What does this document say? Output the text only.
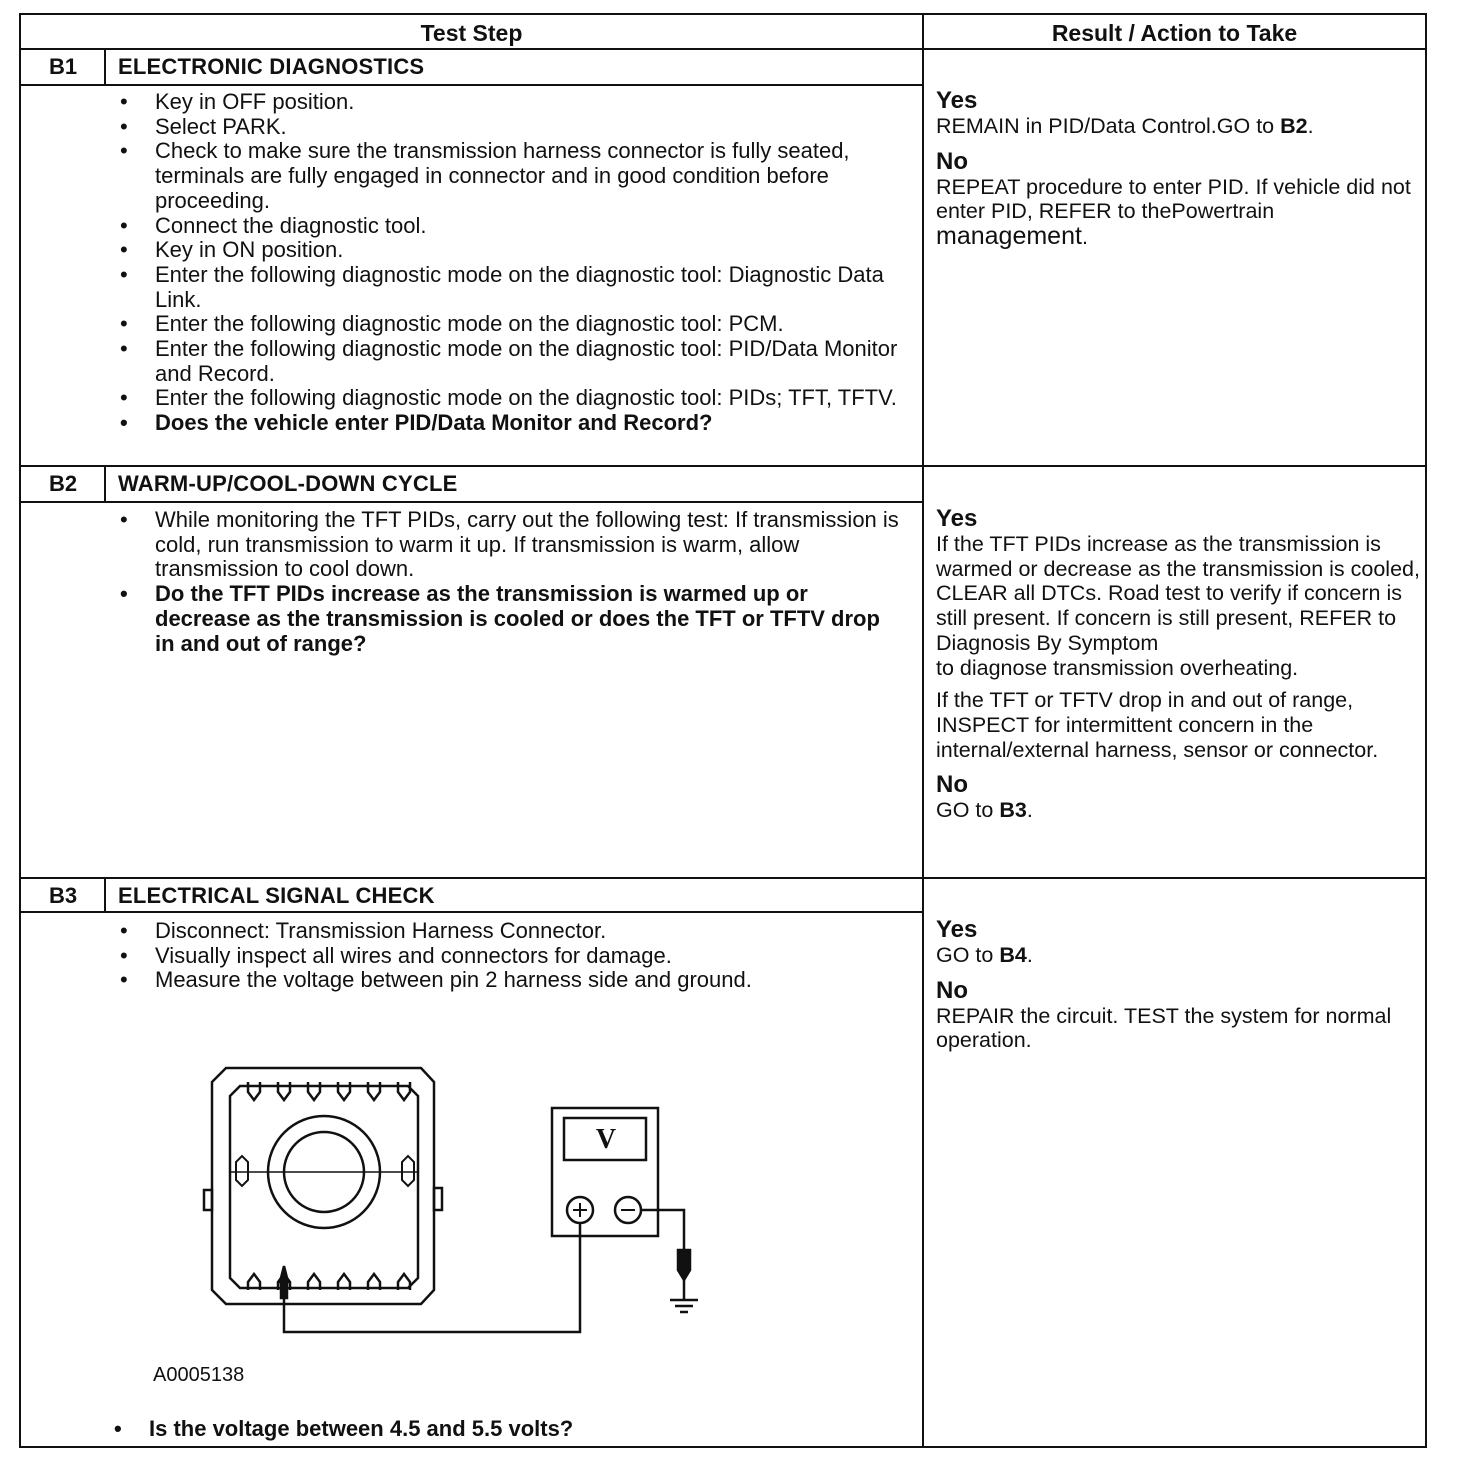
Test Step	Result / Action to Take
B1	ELECTRONIC DIAGNOSTICS
• Key in OFF position.
• Select PARK.
• Check to make sure the transmission harness connector is fully seated, terminals are fully engaged in connector and in good condition before proceeding.
• Connect the diagnostic tool.
• Key in ON position.
• Enter the following diagnostic mode on the diagnostic tool: Diagnostic Data Link.
• Enter the following diagnostic mode on the diagnostic tool: PCM.
• Enter the following diagnostic mode on the diagnostic tool: PID/Data Monitor and Record.
• Enter the following diagnostic mode on the diagnostic tool: PIDs; TFT, TFTV.
• Does the vehicle enter PID/Data Monitor and Record?
Yes

REMAIN in PID/Data Control.GO to B2.

No

REPEAT procedure to enter PID. If vehicle did not enter PID, REFER to thePowertrain management.

B2	WARM-UP/COOL-DOWN CYCLE
• While monitoring the TFT PIDs, carry out the following test: If transmission is cold, run transmission to warm it up. If transmission is warm, allow transmission to cool down.
• Do the TFT PIDs increase as the transmission is warmed up or decrease as the transmission is cooled or does the TFT or TFTV drop in and out of range?
Yes

If the TFT PIDs increase as the transmission is warmed or decrease as the transmission is cooled, CLEAR all DTCs. Road test to verify if concern is still present. If concern is still present, REFER to Diagnosis By Symptom

to diagnose transmission overheating.

If the TFT or TFTV drop in and out of range, INSPECT for intermittent concern in the internal/external harness, sensor or connector.

No

GO to B3.

B3	ELECTRICAL SIGNAL CHECK
• Disconnect: Transmission Harness Connector.
• Visually inspect all wires and connectors for damage.
• Measure the voltage between pin 2 harness side and ground.
V
A0005138
• Is the voltage between 4.5 and 5.5 volts?
Yes

GO to B4.

No

REPAIR the circuit. TEST the system for normal operation.
